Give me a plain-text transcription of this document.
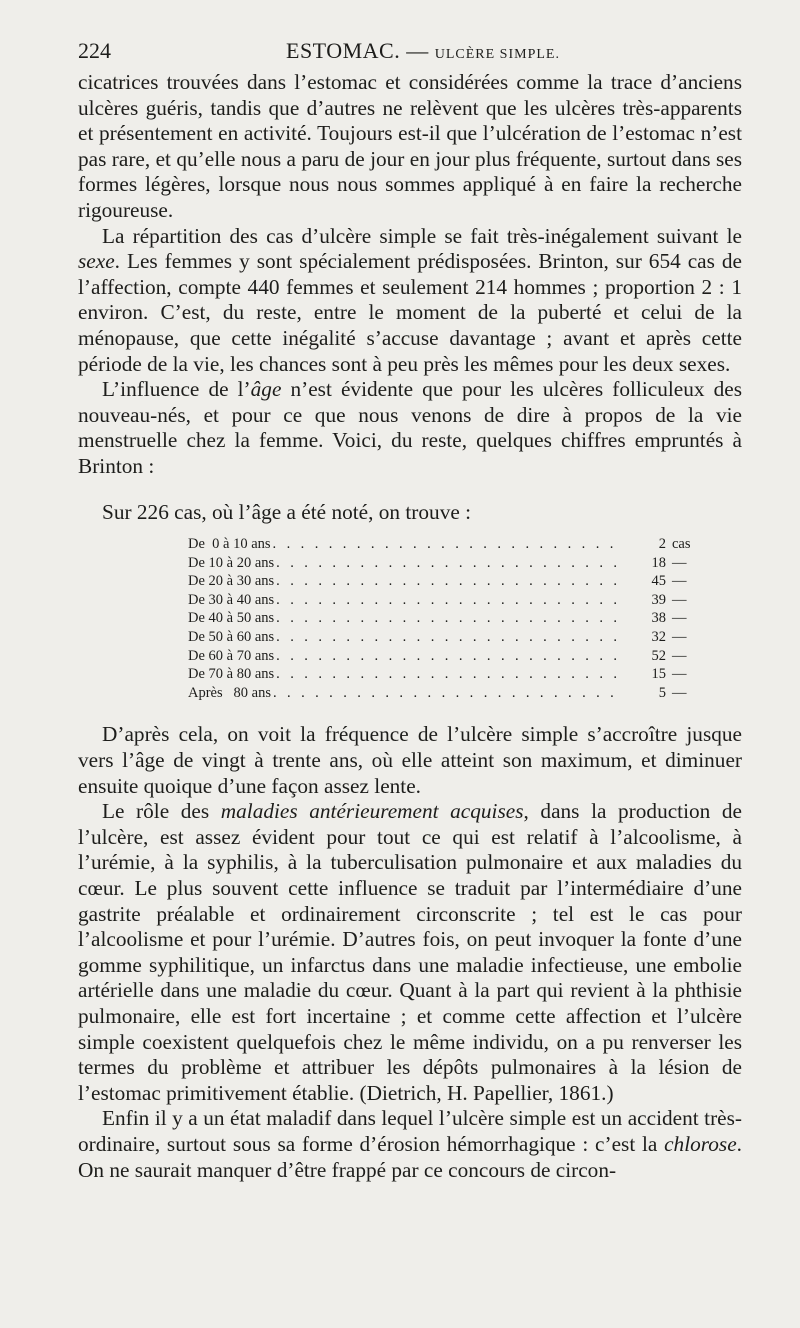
224	ESTOMAC. — ULCÈRE SIMPLE.

cicatrices trouvées dans l’estomac et considérées comme la trace d’anciens ulcères guéris, tandis que d’autres ne relèvent que les ulcères très-apparents et présentement en activité. Toujours est-il que l’ulcération de l’estomac n’est pas rare, et qu’elle nous a paru de jour en jour plus fréquente, surtout dans ses formes légères, lorsque nous nous sommes appliqué à en faire la recherche rigoureuse.

La répartition des cas d’ulcère simple se fait très-inégalement suivant le sexe. Les femmes y sont spécialement prédisposées. Brinton, sur 654 cas de l’affection, compte 440 femmes et seulement 214 hommes ; proportion 2 : 1 environ. C’est, du reste, entre le moment de la puberté et celui de la ménopause, que cette inégalité s’accuse davantage ; avant et après cette période de la vie, les chances sont à peu près les mêmes pour les deux sexes.

L’influence de l’âge n’est évidente que pour les ulcères folliculeux des nouveau-nés, et pour ce que nous venons de dire à propos de la vie menstruelle chez la femme. Voici, du reste, quelques chiffres empruntés à Brinton :

Sur 226 cas, où l’âge a été noté, on trouve :

De  0 à 10 ans . . .	2 cas
De 10 à 20 ans . . .	18 —
De 20 à 30 ans . . .	45 —
De 30 à 40 ans . . .	39 —
De 40 à 50 ans . . .	38 —
De 50 à 60 ans . . .	32 —
De 60 à 70 ans . . .	52 —
De 70 à 80 ans . . .	15 —
Après   80 ans . . .	5 —

D’après cela, on voit la fréquence de l’ulcère simple s’accroître jusque vers l’âge de vingt à trente ans, où elle atteint son maximum, et diminuer ensuite quoique d’une façon assez lente.

Le rôle des maladies antérieurement acquises, dans la production de l’ulcère, est assez évident pour tout ce qui est relatif à l’alcoolisme, à l’urémie, à la syphilis, à la tuberculisation pulmonaire et aux maladies du cœur. Le plus souvent cette influence se traduit par l’intermédiaire d’une gastrite préalable et ordinairement circonscrite ; tel est le cas pour l’alcoolisme et pour l’urémie. D’autres fois, on peut invoquer la fonte d’une gomme syphilitique, un infarctus dans une maladie infectieuse, une embolie artérielle dans une maladie du cœur. Quant à la part qui revient à la phthisie pulmonaire, elle est fort incertaine ; et comme cette affection et l’ulcère simple coexistent quelquefois chez le même individu, on a pu renverser les termes du problème et attribuer les dépôts pulmonaires à la lésion de l’estomac primitivement établie. (Dietrich, H. Papellier, 1861.)

Enfin il y a un état maladif dans lequel l’ulcère simple est un accident très-ordinaire, surtout sous sa forme d’érosion hémorrhagique : c’est la chlorose. On ne saurait manquer d’être frappé par ce concours de circon-
